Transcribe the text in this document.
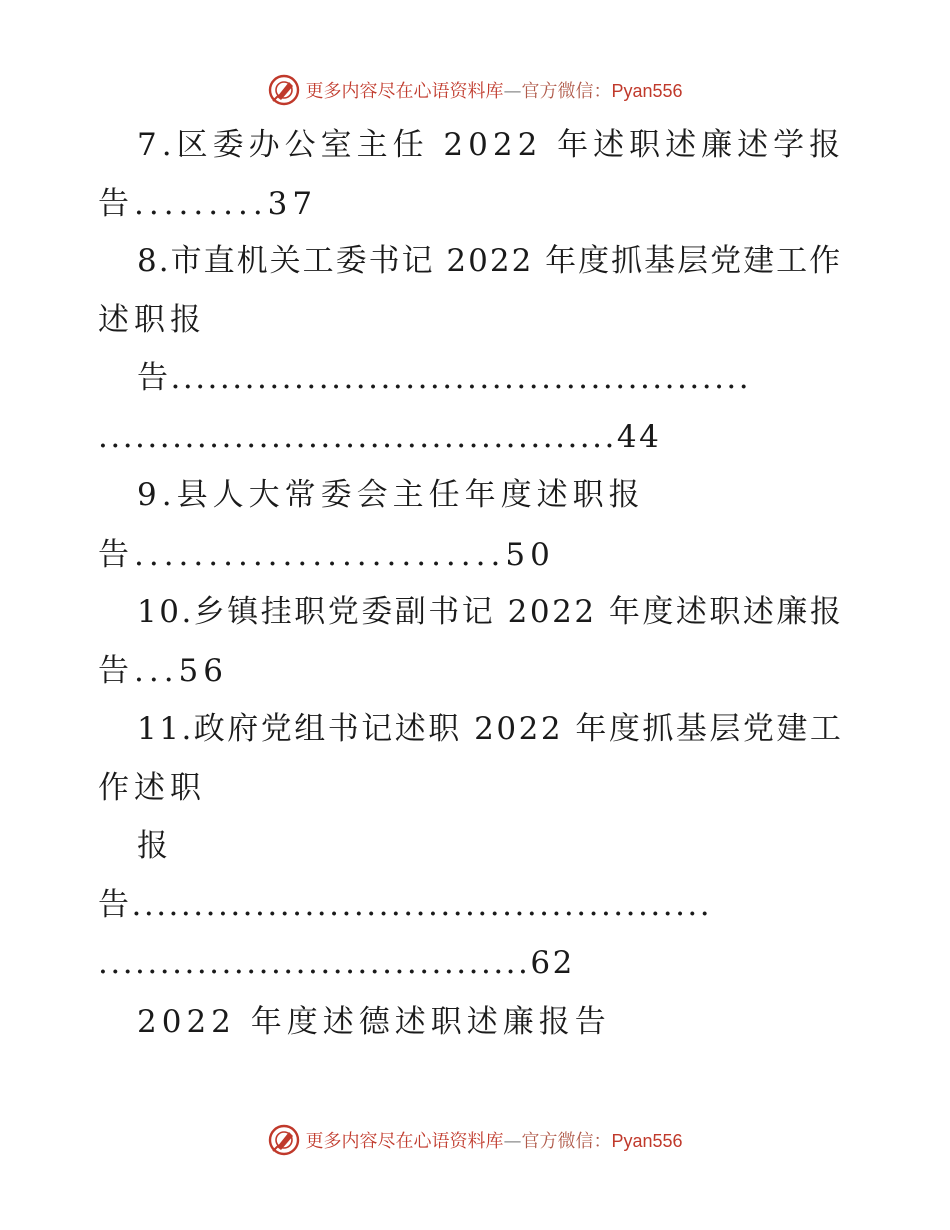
更多内容尽在心语资料库—官方微信：Pyan556
7.区委办公室主任 2022 年述职述廉述学报
告.........37
8.市直机关工委书记 2022 年度抓基层党建工作
述职报
告...............................................
..........................................44
9.县人大常委会主任年度述职报
告.........................50
10.乡镇挂职党委副书记 2022 年度述职述廉报
告...56
11.政府党组书记述职 2022 年度抓基层党建工
作述职
报
告...............................................
...................................62
2022 年度述德述职述廉报告
更多内容尽在心语资料库—官方微信：Pyan556
